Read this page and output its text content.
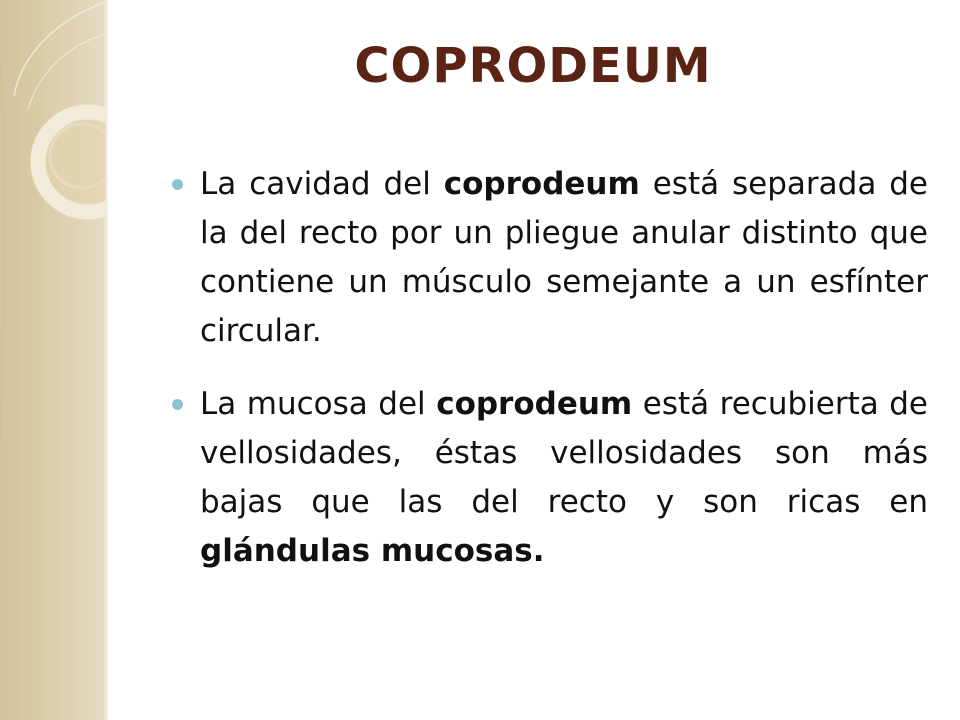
COPRODEUM
La cavidad del coprodeum está separada de la del recto por un pliegue anular distinto que contiene un músculo semejante a un esfínter circular.
La mucosa del coprodeum está recubierta de vellosidades, éstas vellosidades son más bajas que las del recto y son ricas en glándulas mucosas.
